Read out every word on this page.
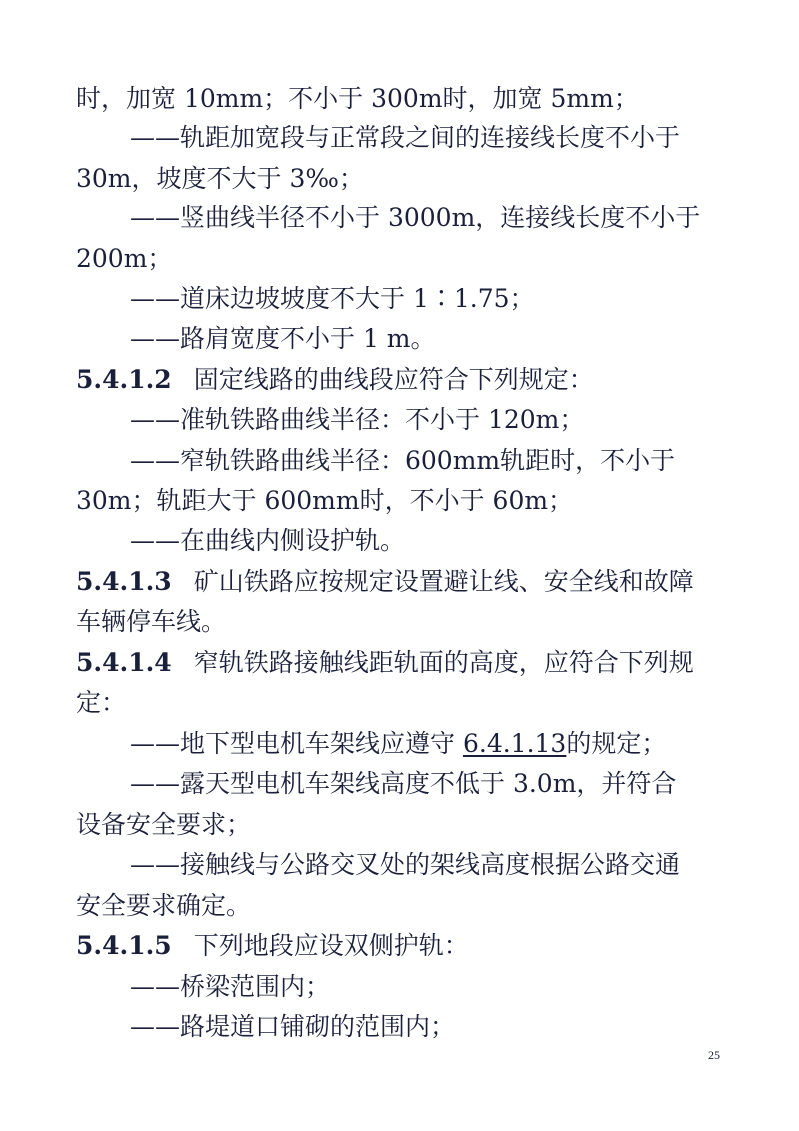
时，加宽 10mm；不小于 300m时，加宽 5mm；
——轨距加宽段与正常段之间的连接线长度不小于
30m，坡度不大于 3‰；
——竖曲线半径不小于 3000m，连接线长度不小于
200m；
——道床边坡坡度不大于 1∶1.75；
——路肩宽度不小于 1 m。
5.4.1.2 固定线路的曲线段应符合下列规定：
——准轨铁路曲线半径：不小于 120m；
——窄轨铁路曲线半径：600mm轨距时，不小于
30m；轨距大于 600mm时，不小于 60m；
——在曲线内侧设护轨。
5.4.1.3 矿山铁路应按规定设置避让线、安全线和故障
车辆停车线。
5.4.1.4 窄轨铁路接触线距轨面的高度，应符合下列规
定：
——地下型电机车架线应遵守 6.4.1.13的规定；
——露天型电机车架线高度不低于 3.0m，并符合
设备安全要求；
——接触线与公路交叉处的架线高度根据公路交通
安全要求确定。
5.4.1.5 下列地段应设双侧护轨：
——桥梁范围内；
——路堤道口铺砌的范围内；
25
